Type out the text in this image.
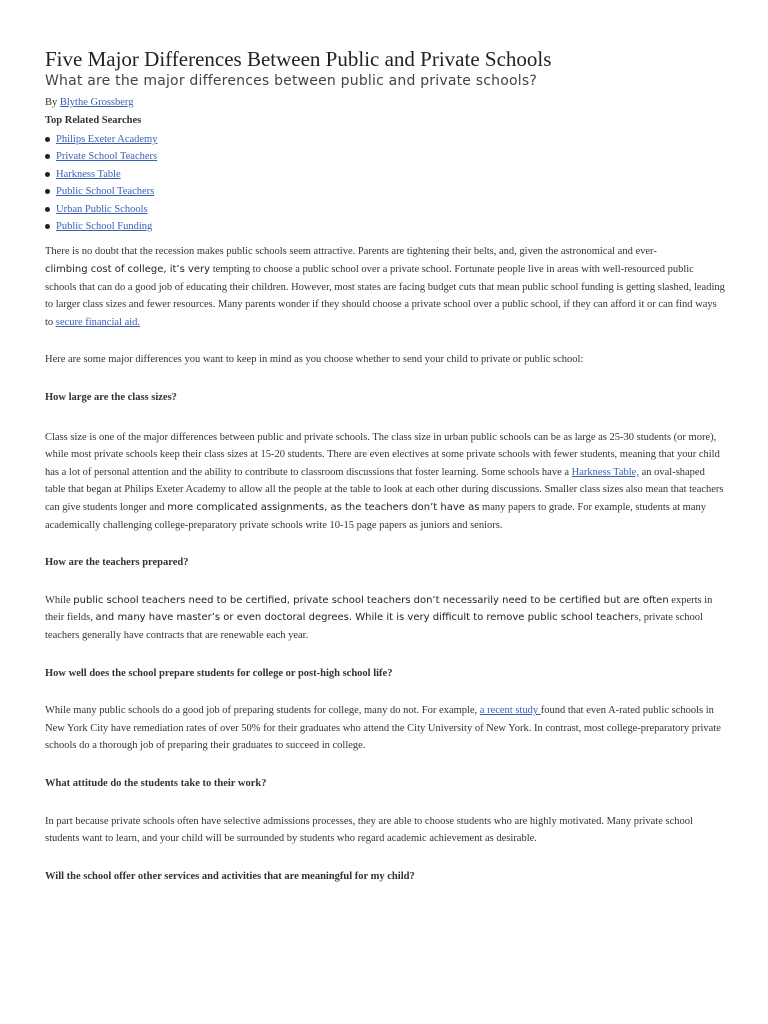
Five Major Differences Between Public and Private Schools
What are the major differences between public and private schools?
By Blythe Grossberg
Top Related Searches
Philips Exeter Academy
Private School Teachers
Harkness Table
Public School Teachers
Urban Public Schools
Public School Funding

There is no doubt that the recession makes public schools seem attractive. Parents are tightening their belts, and, given the astronomical and ever-
climbing cost of college, it’s very tempting to choose a public school over a private school. Fortunate people live in areas with well-resourced public schools that can do a good job of educating their children. However, most states are facing budget cuts that mean public school funding is getting slashed, leading to larger class sizes and fewer resources. Many parents wonder if they should choose a private school over a public school, if they can afford it or can find ways to secure financial aid.

Here are some major differences you want to keep in mind as you choose whether to send your child to private or public school:

How large are the class sizes?

Class size is one of the major differences between public and private schools. The class size in urban public schools can be as large as 25-30 students (or more), while most private schools keep their class sizes at 15-20 students. There are even electives at some private schools with fewer students, meaning that your child has a lot of personal attention and the ability to contribute to classroom discussions that foster learning. Some schools have a Harkness Table, an oval-shaped table that began at Philips Exeter Academy to allow all the people at the table to look at each other during discussions. Smaller class sizes also mean that teachers can give students longer and more complicated assignments, as the teachers don’t have as many papers to grade. For example, students at many academically challenging college-preparatory private schools write 10-15 page papers as juniors and seniors.

How are the teachers prepared?

While public school teachers need to be certified, private school teachers don’t necessarily need to be certified but are often experts in their fields, and many have master’s or even doctoral degrees. While it is very difficult to remove public school teachers, private school teachers generally have contracts that are renewable each year.

How well does the school prepare students for college or post-high school life?

While many public schools do a good job of preparing students for college, many do not. For example, a recent study found that even A-rated public schools in New York City have remediation rates of over 50% for their graduates who attend the City University of New York. In contrast, most college-preparatory private schools do a thorough job of preparing their graduates to succeed in college.

What attitude do the students take to their work?

In part because private schools often have selective admissions processes, they are able to choose students who are highly motivated. Many private school students want to learn, and your child will be surrounded by students who regard academic achievement as desirable.

Will the school offer other services and activities that are meaningful for my child?
